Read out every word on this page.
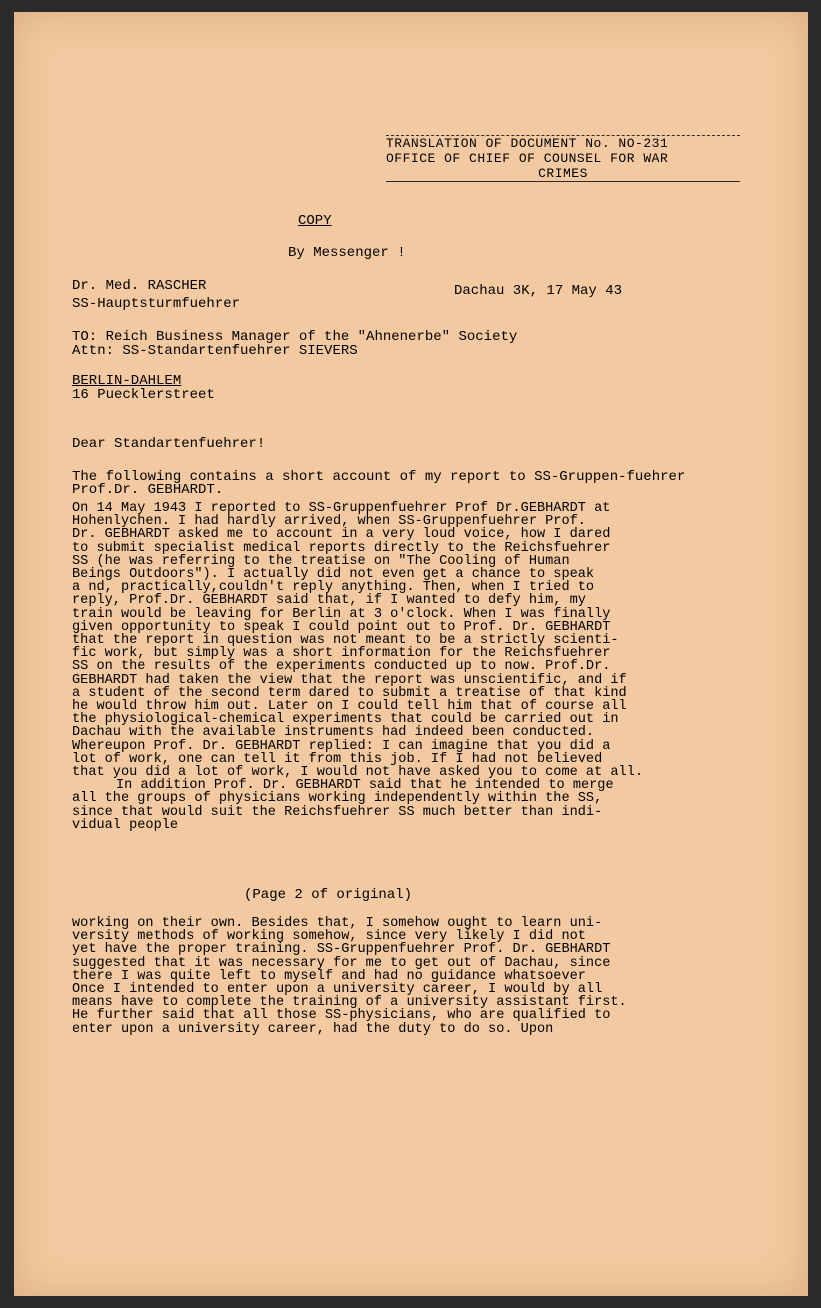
TRANSLATION OF DOCUMENT No. NO-231
OFFICE OF CHIEF OF COUNSEL FOR WAR
CRIMES
COPY
By Messenger !
Dr. Med. RASCHER
SS-Hauptsturmfuehrer
Dachau 3K, 17 May 43
TO: Reich Business Manager of the "Ahnenerbe" Society
Attn: SS-Standartenfuehrer SIEVERS
BERLIN-DAHLEM
16 Puecklerstreet
Dear Standartenfuehrer!
The following contains a short account of my report to SS-Gruppen-fuehrer Prof.Dr. GEBHARDT.

On 14 May 1943 I reported to SS-Gruppenfuehrer Prof Dr.GEBHARDT at

Hohenlychen. I had hardly arrived, when SS-Gruppenfuehrer Prof.

Dr. GEBHARDT asked me to account in a very loud voice, how I dared

to submit specialist medical reports directly to the Reichsfuehrer

SS (he was referring to the treatise on "The Cooling of Human

Beings Outdoors"). I actually did not even get a chance to speak

a nd, practically,couldn't reply anything. Then, when I tried to

reply, Prof.Dr. GEBHARDT said that, if I wanted to defy him, my

train would be leaving for Berlin at 3 o'clock. When I was finally

given opportunity to speak I could point out to Prof. Dr. GEBHARDT

that the report in question was not meant to be a strictly scienti-

fic work, but simply was a short information for the Reichsfuehrer

SS on the results of the experiments conducted up to now. Prof.Dr.

GEBHARDT had taken the view that the report was unscientific, and if

a student of the second term dared to submit a treatise of that kind

he would throw him out. Later on I could tell him that of course all

the physiological-chemical experiments that could be carried out in

Dachau with the available instruments had indeed been conducted.

Whereupon Prof. Dr. GEBHARDT replied: I can imagine that you did a

lot of work, one can tell it from this job. If I had not believed

that you did a lot of work, I would not have asked you to come at all.

In addition Prof. Dr. GEBHARDT said that he intended to merge

all the groups of physicians working independently within the SS,

since that would suit the Reichsfuehrer SS much better than indi-

vidual people

(Page 2 of original)

working on their own. Besides that, I somehow ought to learn uni-

versity methods of working somehow, since very likely I did not

yet have the proper training. SS-Gruppenfuehrer Prof. Dr. GEBHARDT

suggested that it was necessary for me to get out of Dachau, since

there I was quite left to myself and had no guidance whatsoever

Once I intended to enter upon a university career, I would by all

means have to complete the training of a university assistant first.

He further said that all those SS-physicians, who are qualified to

enter upon a university career, had the duty to do so. Upon
